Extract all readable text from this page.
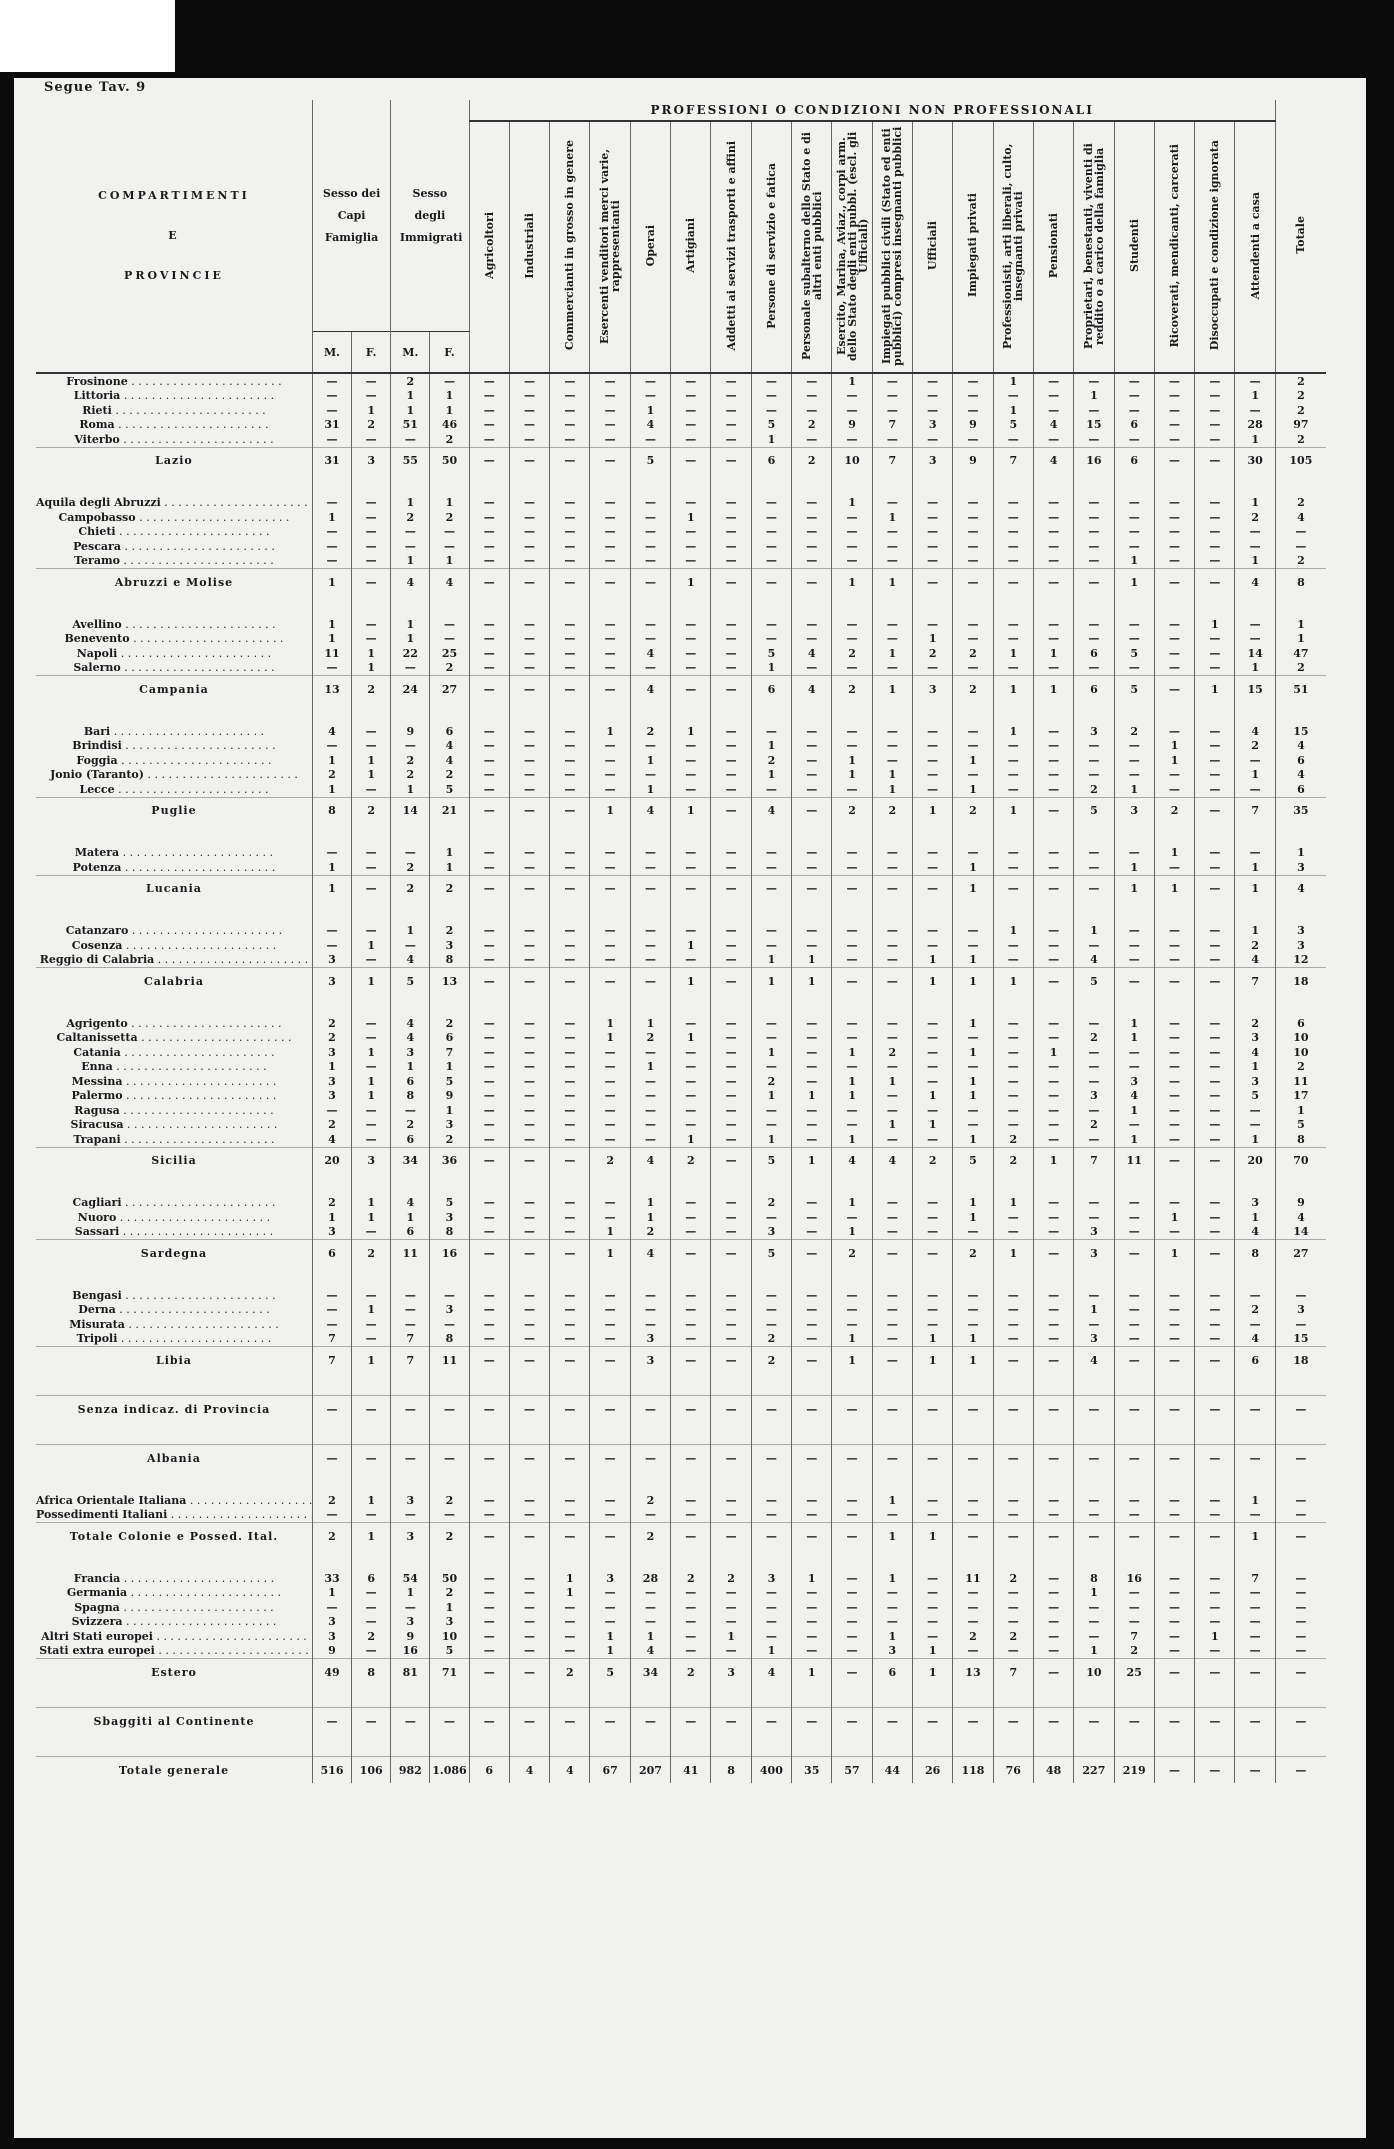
Segue Tav. 9
COMPARTIMENTI
E
PROVINCIE	Sesso dei Capi Famiglia		Sesso degli Immigrati		PROFESSIONI O CONDIZIONI NON PROFESSIONALI																				Totale
					Agricoltori	Industriali	Commercianti in grosso in genere	Esercenti venditori merci varie, rappresentanti	Operai	Artigiani	Addetti ai servizi trasporti e affini	Persone di servizio e fatica	Personale subalterno dello Stato e di altri enti pubblici	Esercito, Marina, Aviaz., corpi arm. dello Stato degli enti pubbl. (escl. gli Ufficiali)	Impiegati pubblici civili (Stato ed enti pubblici) compresi insegnanti pubblici	Ufficiali	Impiegati privati	Professionisti, arti liberali, culto, insegnanti privati	Pensionati	Proprietari, benestanti, viventi di reddito o a carico della famiglia	Studenti	Ricoverati, mendicanti, carcerati	Disoccupati e condizione ignorata	Attendenti a casa	
	M.	F.	M.	F.																					
Frosinone . . .	—	—	2	—	—	—	—	—	—	—	—	—	—	1	—	—	—	1	—	—	—	—	—	—	2
Littoria . . .	—	—	1	1	—	—	—	—	—	—	—	—	—	—	—	—	—	—	—	1	—	—	—	1	2
Rieti . . .	—	1	1	1	—	—	—	—	1	—	—	—	—	—	—	—	—	1	—	—	—	—	—	—	2
Roma . . .	31	2	51	46	—	—	—	—	4	—	—	5	2	9	7	3	9	5	4	15	6	—	—	28	97
Viterbo . . .	—	—	—	2	—	—	—	—	—	—	—	1	—	—	—	—	—	—	—	—	—	—	—	1	2
Lazio	31	3	55	50	—	—	—	—	5	—	—	6	2	10	7	3	9	7	4	16	6	—	—	30	105

Aquila degli Abruzzi . . .	—	—	1	1	—	—	—	—	—	—	—	—	—	1	—	—	—	—	—	—	—	—	—	1	2
Campobasso . . .	1	—	2	2	—	—	—	—	—	1	—	—	—	—	1	—	—	—	—	—	—	—	—	2	4
Chieti . . .	—	—	—	—	—	—	—	—	—	—	—	—	—	—	—	—	—	—	—	—	—	—	—	—	—
Pescara . . .	—	—	—	—	—	—	—	—	—	—	—	—	—	—	—	—	—	—	—	—	—	—	—	—	—
Teramo . . .	—	—	1	1	—	—	—	—	—	—	—	—	—	—	—	—	—	—	—	—	1	—	—	1	2
Abruzzi e Molise	1	—	4	4	—	—	—	—	—	1	—	—	—	1	1	—	—	—	—	—	1	—	—	4	8

Avellino . . .	1	—	1	—	—	—	—	—	—	—	—	—	—	—	—	—	—	—	—	—	—	—	1	—	1
Benevento . . .	1	—	1	—	—	—	—	—	—	—	—	—	—	—	—	1	—	—	—	—	—	—	—	—	1
Napoli . . .	11	1	22	25	—	—	—	—	4	—	—	5	4	2	1	2	2	1	1	6	5	—	—	14	47
Salerno . . .	—	1	—	2	—	—	—	—	—	—	—	1	—	—	—	—	—	—	—	—	—	—	—	1	2
Campania	13	2	24	27	—	—	—	—	4	—	—	6	4	2	1	3	2	1	1	6	5	—	1	15	51

Bari . . .	4	—	9	6	—	—	—	1	2	1	—	—	—	—	—	—	—	1	—	3	2	—	—	4	15
Brindisi . . .	—	—	—	4	—	—	—	—	—	—	—	1	—	—	—	—	—	—	—	—	—	1	—	2	4
Foggia . . .	1	1	2	4	—	—	—	—	1	—	—	2	—	1	—	—	1	—	—	—	—	1	—	—	6
Jonio (Taranto) . . .	2	1	2	2	—	—	—	—	—	—	—	1	—	1	1	—	—	—	—	—	—	—	—	1	4
Lecce . . .	1	—	1	5	—	—	—	—	1	—	—	—	—	—	1	—	1	—	—	2	1	—	—	—	6
Puglie	8	2	14	21	—	—	—	1	4	1	—	4	—	2	2	1	2	1	—	5	3	2	—	7	35

Matera . . .	—	—	—	1	—	—	—	—	—	—	—	—	—	—	—	—	—	—	—	—	—	1	—	—	1
Potenza . . .	1	—	2	1	—	—	—	—	—	—	—	—	—	—	—	—	1	—	—	—	1	—	—	1	3
Lucania	1	—	2	2	—	—	—	—	—	—	—	—	—	—	—	—	1	—	—	—	1	1	—	1	4

Catanzaro . . .	—	—	1	2	—	—	—	—	—	—	—	—	—	—	—	—	—	1	—	1	—	—	—	1	3
Cosenza . . .	—	1	—	3	—	—	—	—	—	1	—	—	—	—	—	—	—	—	—	—	—	—	—	2	3
Reggio di Calabria . . .	3	—	4	8	—	—	—	—	—	—	—	1	1	—	—	1	1	—	—	4	—	—	—	4	12
Calabria	3	1	5	13	—	—	—	—	—	1	—	1	1	—	—	1	1	1	—	5	—	—	—	7	18

Agrigento . . .	2	—	4	2	—	—	—	1	1	—	—	—	—	—	—	—	1	—	—	—	1	—	—	2	6
Caltanissetta . . .	2	—	4	6	—	—	—	1	2	1	—	—	—	—	—	—	—	—	—	2	1	—	—	3	10
Catania . . .	3	1	3	7	—	—	—	—	—	—	—	1	—	1	2	—	1	—	1	—	—	—	—	4	10
Enna . . .	1	—	1	1	—	—	—	—	1	—	—	—	—	—	—	—	—	—	—	—	—	—	—	1	2
Messina . . .	3	1	6	5	—	—	—	—	—	—	—	2	—	1	1	—	1	—	—	—	3	—	—	3	11
Palermo . . .	3	1	8	9	—	—	—	—	—	—	—	1	1	1	—	1	1	—	—	3	4	—	—	5	17
Ragusa . . .	—	—	—	1	—	—	—	—	—	—	—	—	—	—	—	—	—	—	—	—	1	—	—	—	1
Siracusa . . .	2	—	2	3	—	—	—	—	—	—	—	—	—	—	1	1	—	—	—	2	—	—	—	—	5
Trapani . . .	4	—	6	2	—	—	—	—	—	1	—	1	—	1	—	—	1	2	—	—	1	—	—	1	8
Sicilia	20	3	34	36	—	—	—	2	4	2	—	5	1	4	4	2	5	2	1	7	11	—	—	20	70

Cagliari . . .	2	1	4	5	—	—	—	—	1	—	—	2	—	1	—	—	1	1	—	—	—	—	—	3	9
Nuoro . . .	1	1	1	3	—	—	—	—	1	—	—	—	—	—	—	—	1	—	—	—	—	1	—	1	4
Sassari . . .	3	—	6	8	—	—	—	1	2	—	—	3	—	1	—	—	—	—	—	3	—	—	—	4	14
Sardegna	6	2	11	16	—	—	—	1	4	—	—	5	—	2	—	—	2	1	—	3	—	1	—	8	27

Bengasi . . .	—	—	—	—	—	—	—	—	—	—	—	—	—	—	—	—	—	—	—	—	—	—	—	—	—
Derna . . .	—	1	—	3	—	—	—	—	—	—	—	—	—	—	—	—	—	—	—	1	—	—	—	2	3
Misurata . . .	—	—	—	—	—	—	—	—	—	—	—	—	—	—	—	—	—	—	—	—	—	—	—	—	—
Tripoli . . .	7	—	7	8	—	—	—	—	3	—	—	2	—	1	—	1	1	—	—	3	—	—	—	4	15
Libia	7	1	7	11	—	—	—	—	3	—	—	2	—	1	—	1	1	—	—	4	—	—	—	6	18

Senza indicaz. di Provincia	—	—	—	—	—	—	—	—	—	—	—	—	—	—	—	—	—	—	—	—	—	—	—	—	—

Albania	—	—	—	—	—	—	—	—	—	—	—	—	—	—	—	—	—	—	—	—	—	—	—	—	—

Africa Orientale Italiana . . .	2	1	3	2	—	—	—	—	2	—	—	—	—	—	1	—	—	—	—	—	—	—	—	1	—
Possedimenti Italiani . . .	—	—	—	—	—	—	—	—	—	—	—	—	—	—	—	—	—	—	—	—	—	—	—	—	—
Totale Colonie e Possed. Ital.	2	1	3	2	—	—	—	—	2	—	—	—	—	—	1	1	—	—	—	—	—	—	—	1	—

Francia . . .	33	6	54	50	—	—	1	3	28	2	2	3	1	—	1	—	11	2	—	8	16	—	—	7	—
Germania . . .	1	—	1	2	—	—	1	—	—	—	—	—	—	—	—	—	—	—	—	1	—	—	—	—	—
Spagna . . .	—	—	—	1	—	—	—	—	—	—	—	—	—	—	—	—	—	—	—	—	—	—	—	—	—
Svizzera . . .	3	—	3	3	—	—	—	—	—	—	—	—	—	—	—	—	—	—	—	—	—	—	—	—	—
Altri Stati europei . . .	3	2	9	10	—	—	—	1	1	—	1	—	—	—	1	—	2	2	—	—	7	—	1	—	—
Stati extra europei . . .	9	—	16	5	—	—	—	1	4	—	—	1	—	—	3	1	—	—	—	1	2	—	—	—	—
Estero	49	8	81	71	—	—	2	5	34	2	3	4	1	—	6	1	13	7	—	10	25	—	—	—	—

Sbaggiti al Continente	—	—	—	—	—	—	—	—	—	—	—	—	—	—	—	—	—	—	—	—	—	—	—	—	—

Totale generale	516	106	982	1.086	6	4	4	67	207	41	8	400	35	57	44	26	118	76	48	227	219	—	—	—	—
